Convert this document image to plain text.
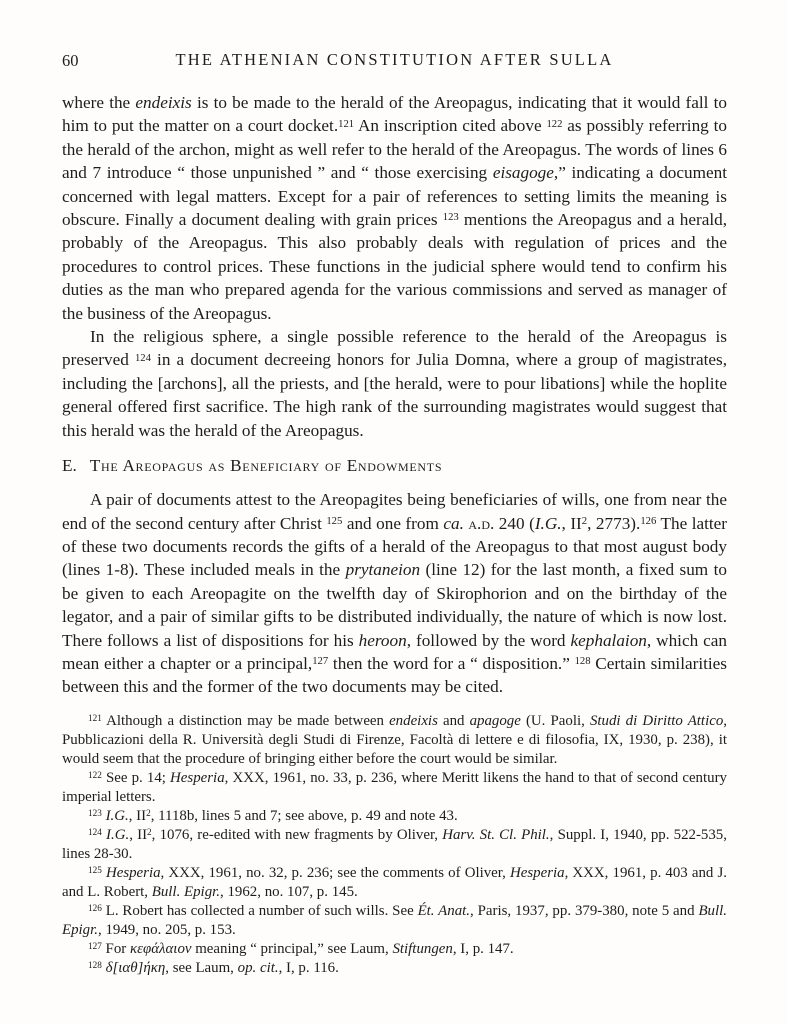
60	THE ATHENIAN CONSTITUTION AFTER SULLA

where the endeixis is to be made to the herald of the Areopagus, indicating that it would fall to him to put the matter on a court docket.$^{121}$ An inscription cited above $^{122}$ as possibly referring to the herald of the archon, might as well refer to the herald of the Areopagus. The words of lines 6 and 7 introduce “ those unpunished ” and “ those exercising eisagoge,” indicating a document concerned with legal matters. Except for a pair of references to setting limits the meaning is obscure. Finally a document dealing with grain prices $^{123}$ mentions the Areopagus and a herald, probably of the Areopagus. This also probably deals with regulation of prices and the procedures to control prices. These functions in the judicial sphere would tend to confirm his duties as the man who prepared agenda for the various commissions and served as manager of the business of the Areopagus.

In the religious sphere, a single possible reference to the herald of the Areopagus is preserved $^{124}$ in a document decreeing honors for Julia Domna, where a group of magistrates, including the [archons], all the priests, and [the herald, were to pour libations] while the hoplite general offered first sacrifice. The high rank of the surrounding magistrates would suggest that this herald was the herald of the Areopagus.

E. The Areopagus as Beneficiary of Endowments

A pair of documents attest to the Areopagites being beneficiaries of wills, one from near the end of the second century after Christ $^{125}$ and one from ca. a.d. 240 (I.G., $II^2$, 2773).$^{126}$ The latter of these two documents records the gifts of a herald of the Areopagus to that most august body (lines 1-8). These included meals in the prytaneion (line 12) for the last month, a fixed sum to be given to each Areopagite on the twelfth day of Skirophorion and on the birthday of the legator, and a pair of similar gifts to be distributed individually, the nature of which is now lost. There follows a list of dispositions for his heroon, followed by the word kephalaion, which can mean either a chapter or a principal,$^{127}$ then the word for a “ disposition.” $^{128}$ Certain similarities between this and the former of the two documents may be cited.

$^{121}$ Although a distinction may be made between endeixis and apagoge (U. Paoli, Studi di Diritto Attico, Pubblicazioni della R. Università degli Studi di Firenze, Facoltà di lettere e di filosofia, IX, 1930, p. 238), it would seem that the procedure of bringing either before the court would be similar.

$^{122}$ See p. 14; Hesperia, XXX, 1961, no. 33, p. 236, where Meritt likens the hand to that of second century imperial letters.

$^{123}$ I.G., $II^2$, 1118b, lines 5 and 7; see above, p. 49 and note 43.

$^{124}$ I.G., $II^2$, 1076, re-edited with new fragments by Oliver, Harv. St. Cl. Phil., Suppl. I, 1940, pp. 522-535, lines 28-30.

$^{125}$ Hesperia, XXX, 1961, no. 32, p. 236; see the comments of Oliver, Hesperia, XXX, 1961, p. 403 and J. and L. Robert, Bull. Epigr., 1962, no. 107, p. 145.

$^{126}$ L. Robert has collected a number of such wills. See Ét. Anat., Paris, 1937, pp. 379-380, note 5 and Bull. Epigr., 1949, no. 205, p. 153.

$^{127}$ For κεφάλαιον meaning “ principal,” see Laum, Stiftungen, I, p. 147.

$^{128}$ δ[ιαθ]ήκη, see Laum, op. cit., I, p. 116.
